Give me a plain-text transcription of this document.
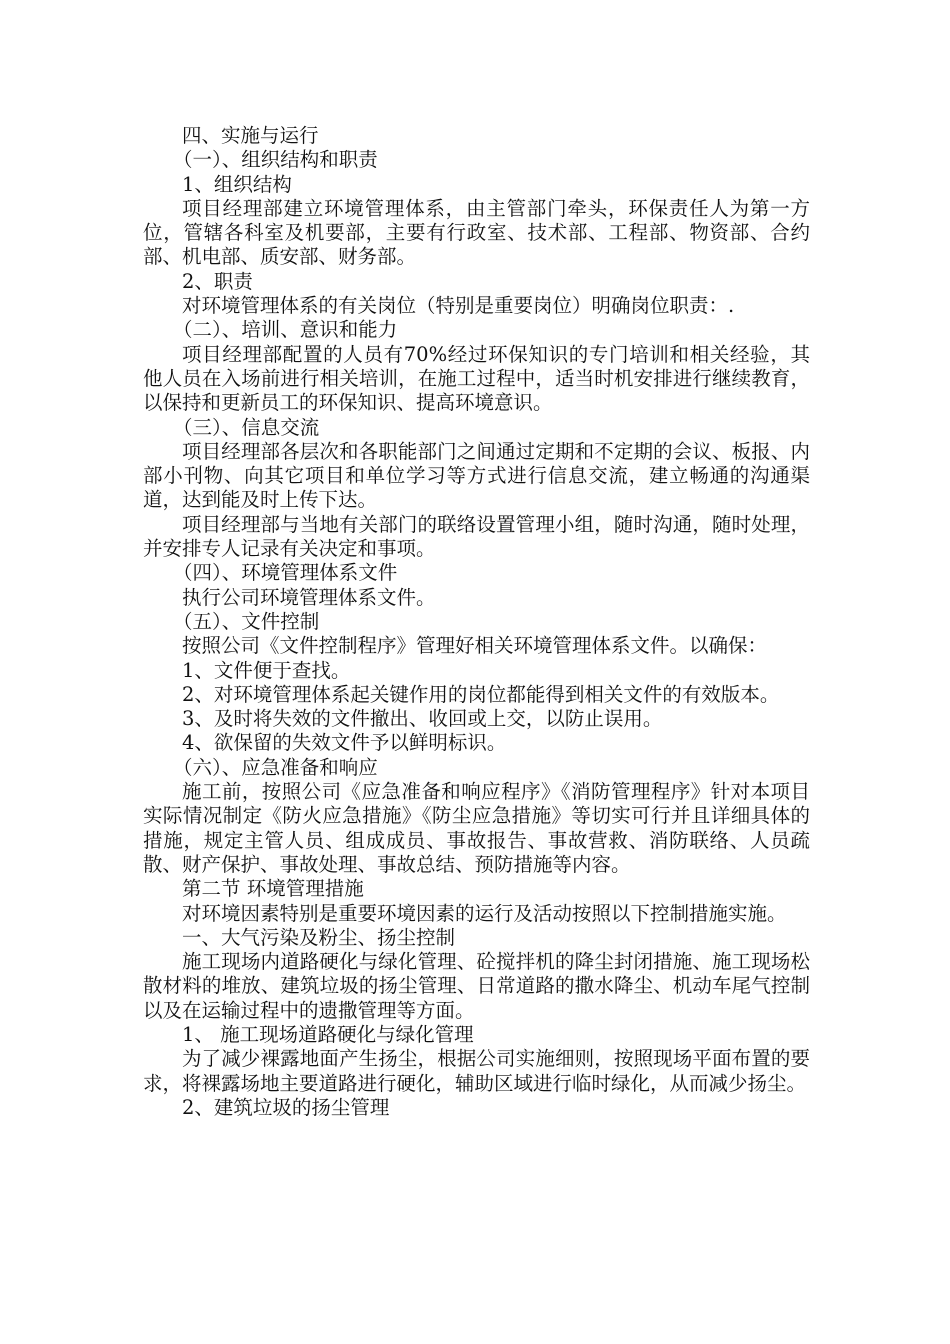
四、实施与运行

（一）、组织结构和职责

1、组织结构

项目经理部建立环境管理体系，由主管部门牵头，环保责任人为第一方位，管辖各科室及机要部，主要有行政室、技术部、工程部、物资部、合约部、机电部、质安部、财务部。

2、职责

对环境管理体系的有关岗位（特别是重要岗位）明确岗位职责：.

（二）、培训、意识和能力

项目经理部配置的人员有70%经过环保知识的专门培训和相关经验，其他人员在入场前进行相关培训，在施工过程中，适当时机安排进行继续教育，以保持和更新员工的环保知识、提高环境意识。

（三）、信息交流

项目经理部各层次和各职能部门之间通过定期和不定期的会议、板报、内部小刊物、向其它项目和单位学习等方式进行信息交流，建立畅通的沟通渠道，达到能及时上传下达。

项目经理部与当地有关部门的联络设置管理小组，随时沟通，随时处理，并安排专人记录有关决定和事项。

（四）、环境管理体系文件

执行公司环境管理体系文件。

（五）、文件控制

按照公司《文件控制程序》管理好相关环境管理体系文件。以确保：

1、文件便于查找。

2、对环境管理体系起关键作用的岗位都能得到相关文件的有效版本。

3、及时将失效的文件撤出、收回或上交，以防止误用。

4、欲保留的失效文件予以鲜明标识。

（六）、应急准备和响应

施工前，按照公司《应急准备和响应程序》《消防管理程序》针对本项目实际情况制定《防火应急措施》《防尘应急措施》等切实可行并且详细具体的措施，规定主管人员、组成成员、事故报告、事故营救、消防联络、人员疏散、财产保护、事故处理、事故总结、预防措施等内容。

第二节 环境管理措施

对环境因素特别是重要环境因素的运行及活动按照以下控制措施实施。

一、大气污染及粉尘、扬尘控制

施工现场内道路硬化与绿化管理、砼搅拌机的降尘封闭措施、施工现场松散材料的堆放、建筑垃圾的扬尘管理、日常道路的撒水降尘、机动车尾气控制以及在运输过程中的遗撒管理等方面。

1、 施工现场道路硬化与绿化管理

为了减少裸露地面产生扬尘，根据公司实施细则，按照现场平面布置的要求，将裸露场地主要道路进行硬化，辅助区域进行临时绿化，从而减少扬尘。

2、建筑垃圾的扬尘管理
